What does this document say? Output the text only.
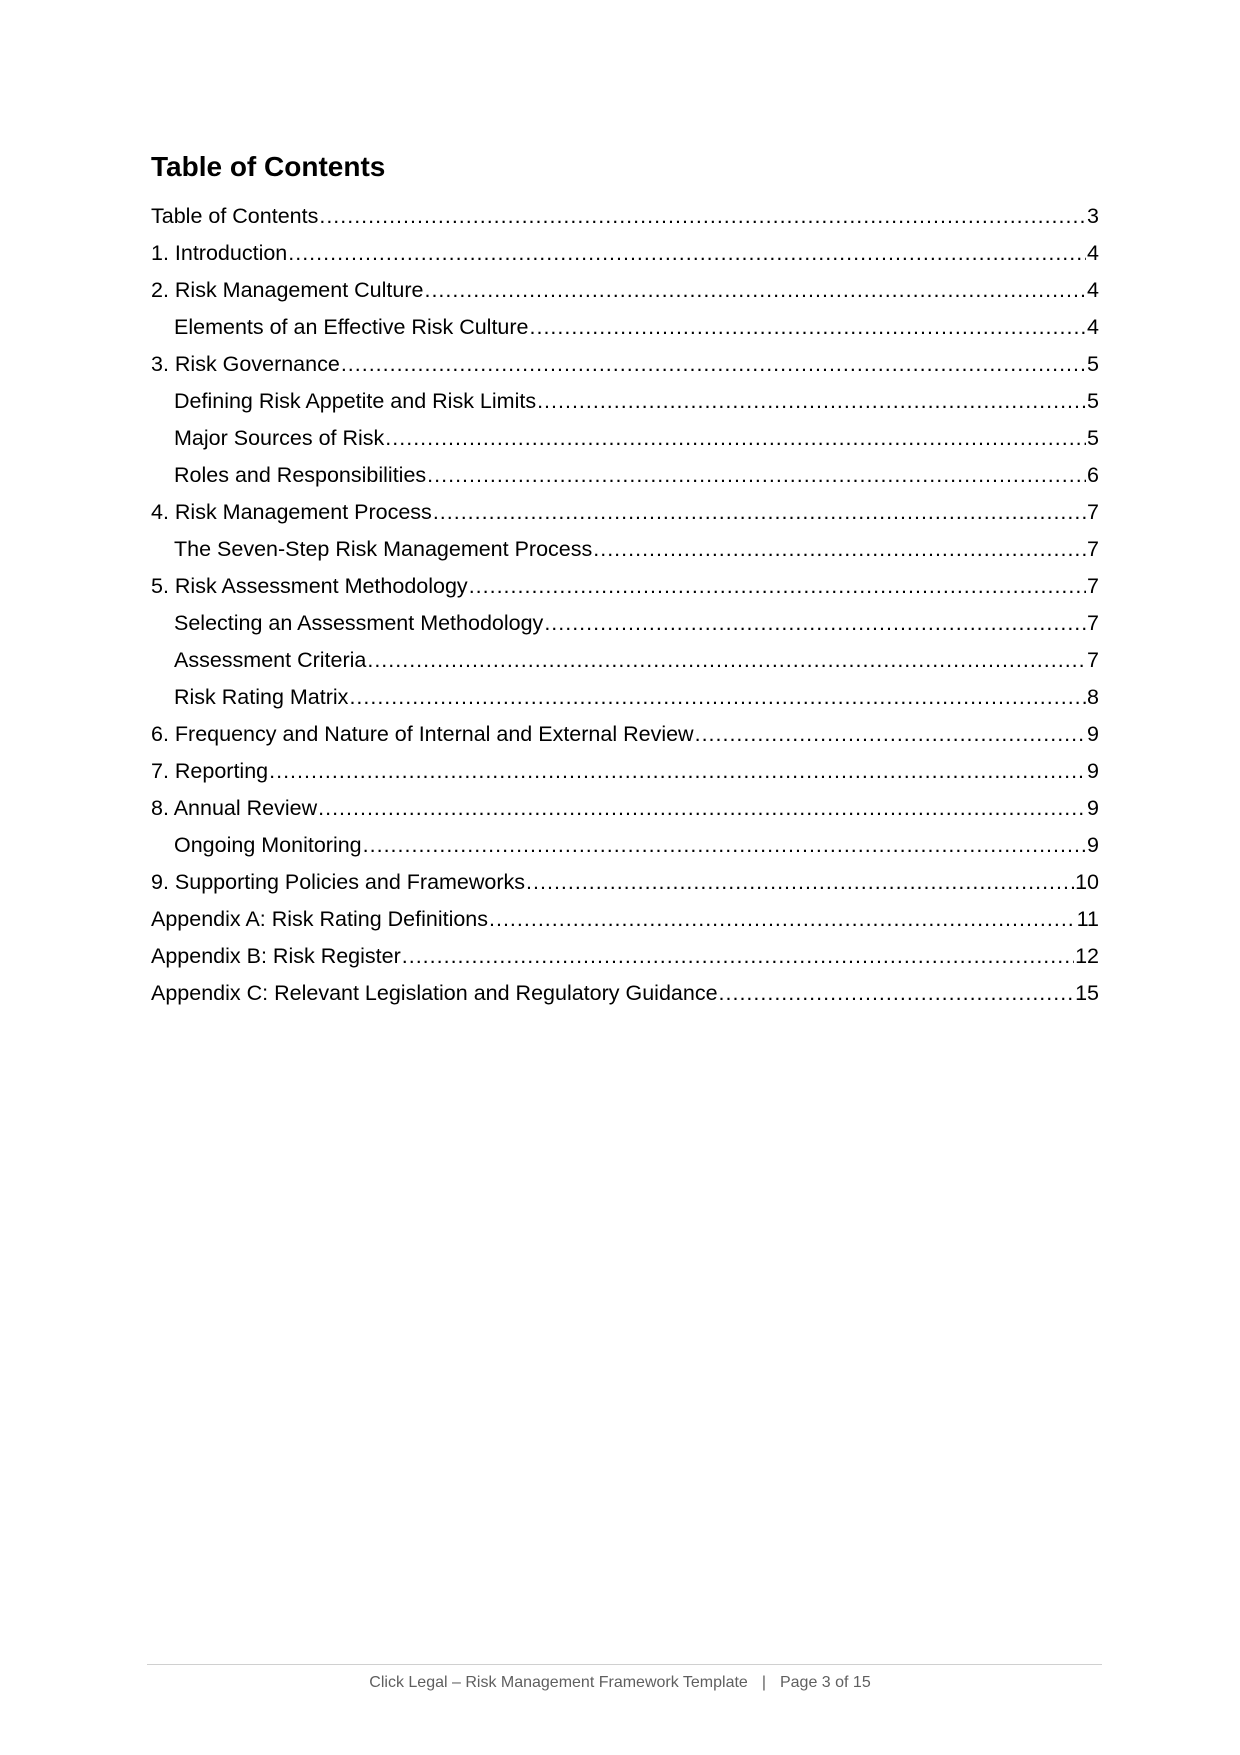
Table of Contents
Table of Contents .....	3
1. Introduction .....	4
2. Risk Management Culture .....	4
Elements of an Effective Risk Culture .....	4
3. Risk Governance .....	5
Defining Risk Appetite and Risk Limits .....	5
Major Sources of Risk .....	5
Roles and Responsibilities .....	6
4. Risk Management Process .....	7
The Seven-Step Risk Management Process .....	7
5. Risk Assessment Methodology .....	7
Selecting an Assessment Methodology .....	7
Assessment Criteria .....	7
Risk Rating Matrix .....	8
6. Frequency and Nature of Internal and External Review .....	9
7. Reporting .....	9
8. Annual Review .....	9
Ongoing Monitoring .....	9
9. Supporting Policies and Frameworks .....	10
Appendix A: Risk Rating Definitions .....	11
Appendix B: Risk Register .....	12
Appendix C: Relevant Legislation and Regulatory Guidance .....	15
Click Legal – Risk Management Framework Template | Page 3 of 15
